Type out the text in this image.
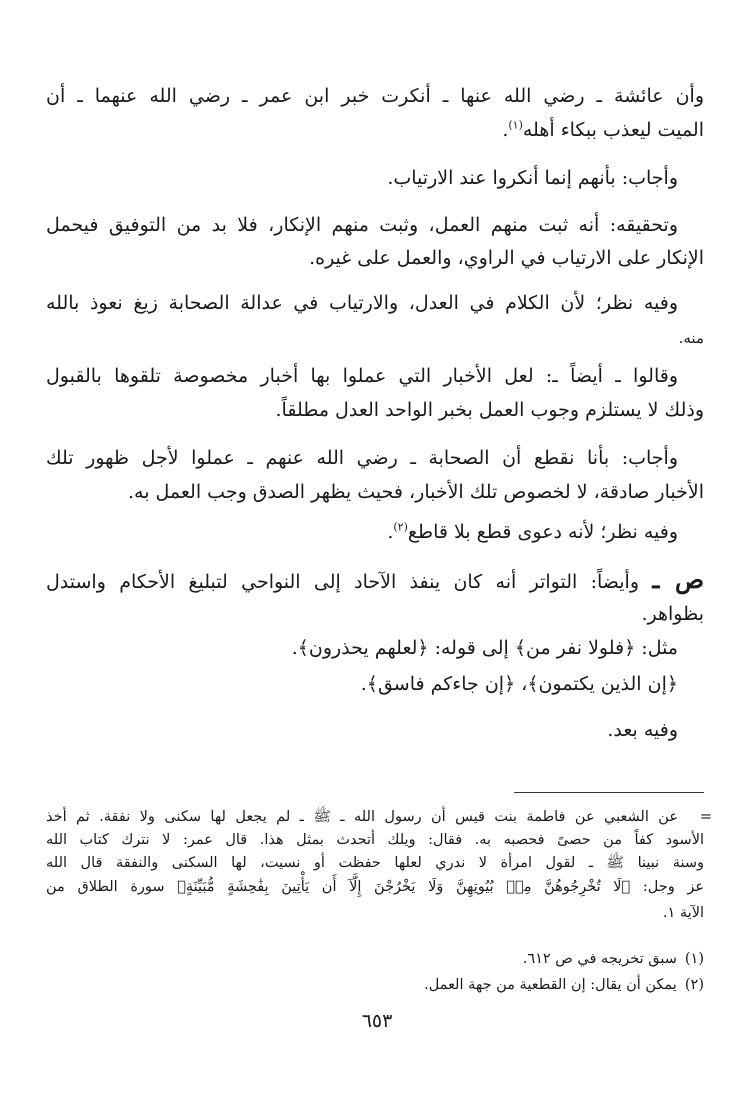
وأن عائشة ـ رضي الله عنها ـ أنكرت خبر ابن عمر ـ رضي الله عنهما ـ أن
الميت ليعذب ببكاء أهله$^{(١)}$.
وأجاب: بأنهم إنما أنكروا عند الارتياب.
وتحقيقه: أنه ثبت منهم العمل، وثبت منهم الإنكار، فلا بد من التوفيق فيحمل
الإنكار على الارتياب في الراوي، والعمل على غيره.
وفيه نظر؛ لأن الكلام في العدل، والارتياب في عدالة الصحابة زيغ نعوذ بالله
منه.
وقالوا ـ أيضاً ـ: لعل الأخبار التي عملوا بها أخبار مخصوصة تلقوها بالقبول
وذلك لا يستلزم وجوب العمل بخبر الواحد العدل مطلقاً.
وأجاب: بأنا نقطع أن الصحابة ـ رضي الله عنهم ـ عملوا لأجل ظهور تلك
الأخبار صادقة، لا لخصوص تلك الأخبار، فحيث يظهر الصدق وجب العمل به.
وفيه نظر؛ لأنه دعوى قطع بلا قاطع$^{(٢)}$.
ص ـ وأيضاً: التواتر أنه كان ينفذ الآحاد إلى النواحي لتبليغ الأحكام واستدل
بظواهر.
مثل: ﴿فلولا نفر من﴾ إلى قوله: ﴿لعلهم يحذرون﴾.
﴿إن الذين يكتمون﴾، ﴿إن جاءكم فاسق﴾.
وفيه بعد.
=
عن الشعبي عن فاطمة بنت قيس أن رسول الله ـ ﷺ ـ لم يجعل لها سكنى ولا نفقة. ثم أخذ
الأسود كفاً من حصىً فحصبه به. فقال: ويلك أتحدث بمثل هذا. قال عمر: لا نترك كتاب الله
وسنة نبينا ﷺ ـ لقول امرأة لا ندري لعلها حفظت أو نسيت، لها السكنى والنفقة قال الله
عز وجل: ﴿لَا تُخْرِجُوهُنَّ مِنۢ بُيُوتِهِنَّ وَلَا يَخْرُجْنَ إِلَّآ أَن يَأْتِينَ بِفَٰحِشَةٍ مُّبَيِّنَةٍ﴾ سورة الطلاق من
الآية ١.
(١)سبق تخريجه في ص ٦١٢.
(٢)يمكن أن يقال: إن القطعية من جهة العمل.
٦٥٣
